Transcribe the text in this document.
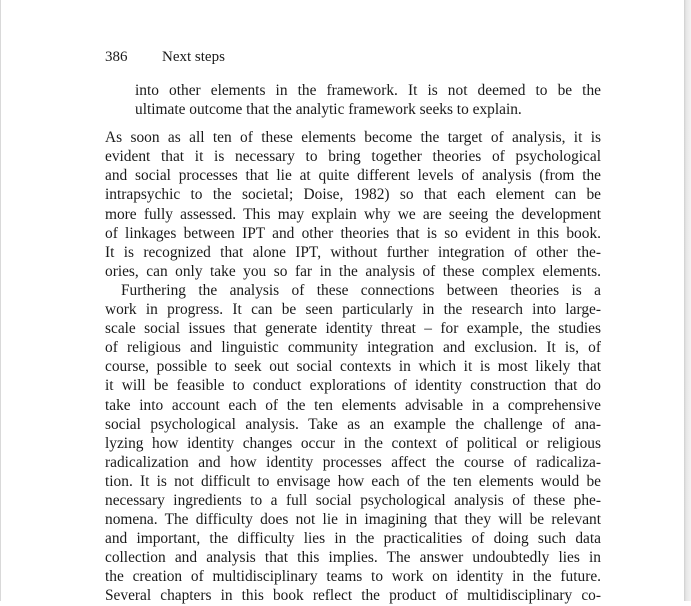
386 Next steps
into other elements in the framework. It is not deemed to be the
ultimate outcome that the analytic framework seeks to explain.
As soon as all ten of these elements become the target of analysis, it is
evident that it is necessary to bring together theories of psychological
and social processes that lie at quite different levels of analysis (from the
intrapsychic to the societal; Doise, 1982) so that each element can be
more fully assessed. This may explain why we are seeing the development
of linkages between IPT and other theories that is so evident in this book.
It is recognized that alone IPT, without further integration of other the-
ories, can only take you so far in the analysis of these complex elements.
Furthering the analysis of these connections between theories is a
work in progress. It can be seen particularly in the research into large-
scale social issues that generate identity threat – for example, the studies
of religious and linguistic community integration and exclusion. It is, of
course, possible to seek out social contexts in which it is most likely that
it will be feasible to conduct explorations of identity construction that do
take into account each of the ten elements advisable in a comprehensive
social psychological analysis. Take as an example the challenge of ana-
lyzing how identity changes occur in the context of political or religious
radicalization and how identity processes affect the course of radicaliza-
tion. It is not difficult to envisage how each of the ten elements would be
necessary ingredients to a full social psychological analysis of these phe-
nomena. The difficulty does not lie in imagining that they will be relevant
and important, the difficulty lies in the practicalities of doing such data
collection and analysis that this implies. The answer undoubtedly lies in
the creation of multidisciplinary teams to work on identity in the future.
Several chapters in this book reflect the product of multidisciplinary co-
